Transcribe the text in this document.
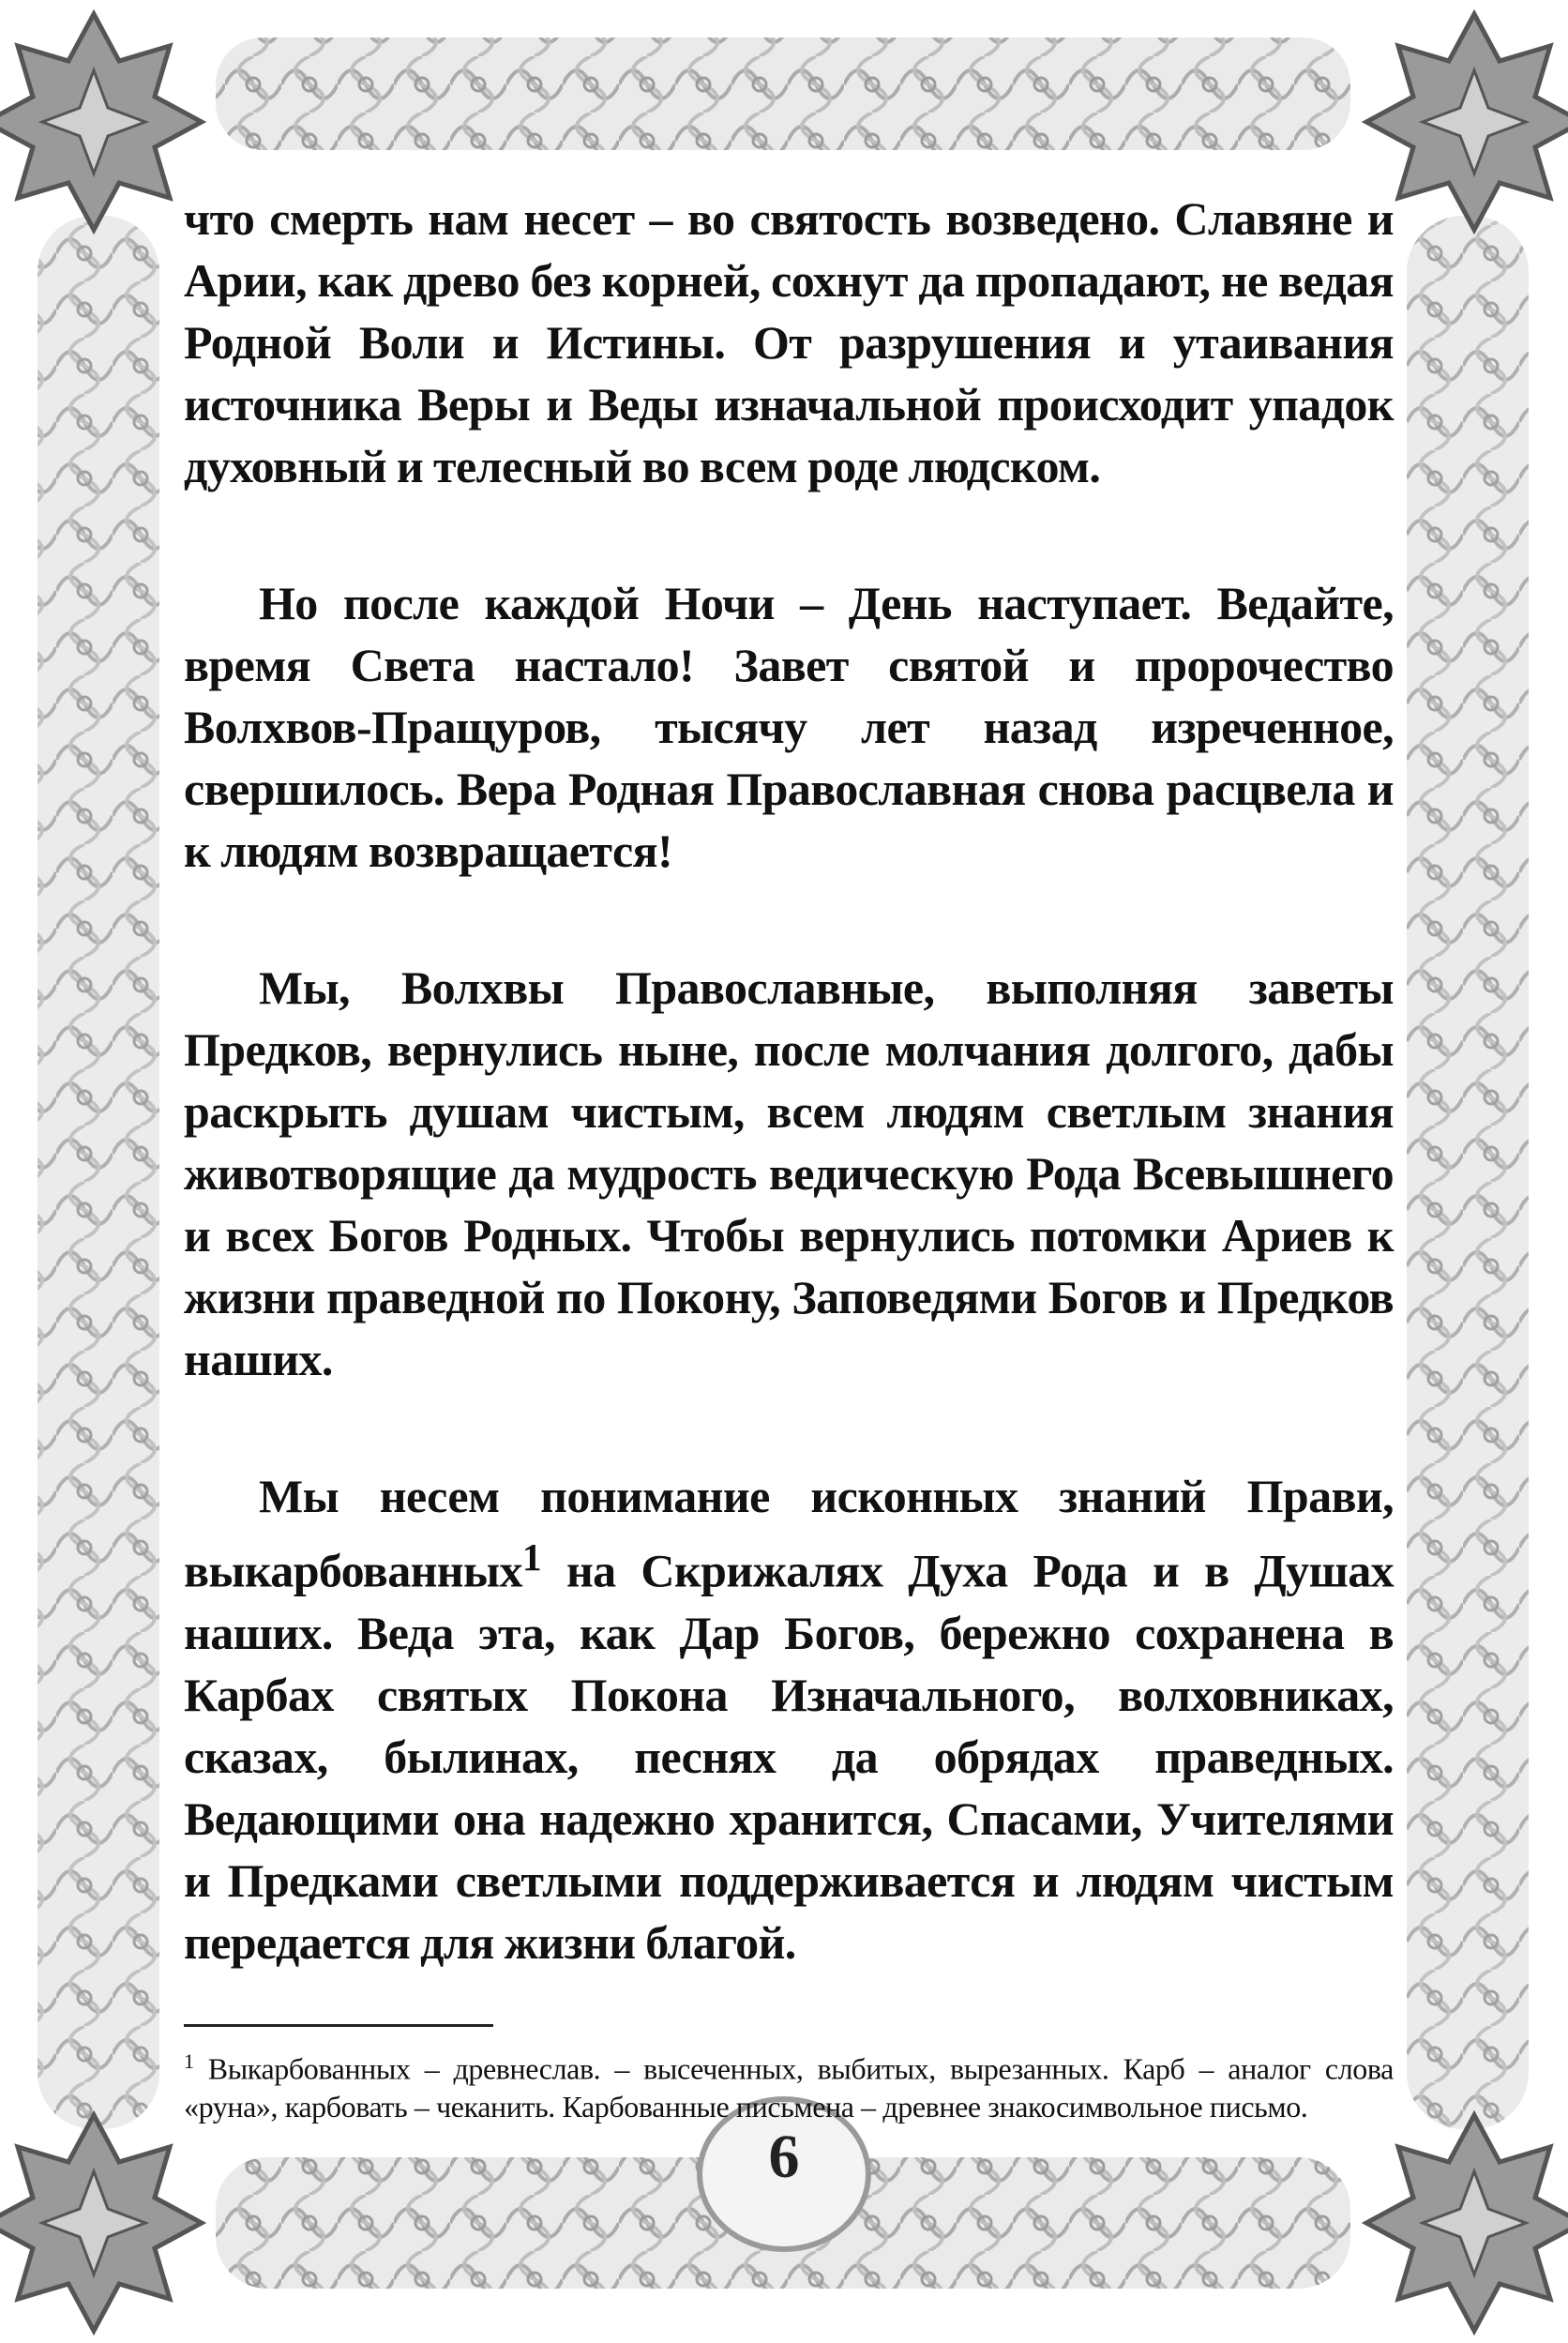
что смерть нам несет – во святость возведено. Славяне и Арии, как древо без корней, сохнут да пропадают, не ведая Родной Воли и Истины. От разрушения и утаивания источника Веры и Веды изначальной происходит упадок духовный и телесный во всем роде людском.

Но после каждой Ночи – День наступает. Ведайте, время Света настало! Завет святой и пророчество Волхвов-Пращуров, тысячу лет назад изреченное, свершилось. Вера Родная Православная снова расцвела и к людям возвращается!

Мы, Волхвы Православные, выполняя заветы Предков, вернулись ныне, после молчания долгого, дабы раскрыть душам чистым, всем людям светлым знания животворящие да мудрость ведическую Рода Всевышнего и всех Богов Родных. Чтобы вернулись потомки Ариев к жизни праведной по Покону, Заповедями Богов и Предков наших.

Мы несем понимание исконных знаний Прави, выкарбованных$^1$ на Скрижалях Духа Рода и в Душах наших. Веда эта, как Дар Богов, бережно сохранена в Карбах святых Покона Изначального, волховниках, сказах, былинах, песнях да обрядах праведных. Ведающими она надежно хранится, Спасами, Учителями и Предками светлыми поддерживается и людям чистым передается для жизни благой.

$^1$ Выкарбованных – древнеслав. – высеченных, выбитых, вырезанных. Карб – аналог слова «руна», карбовать – чеканить. Карбованные письмена – древнее знакосимвольное письмо.

6
